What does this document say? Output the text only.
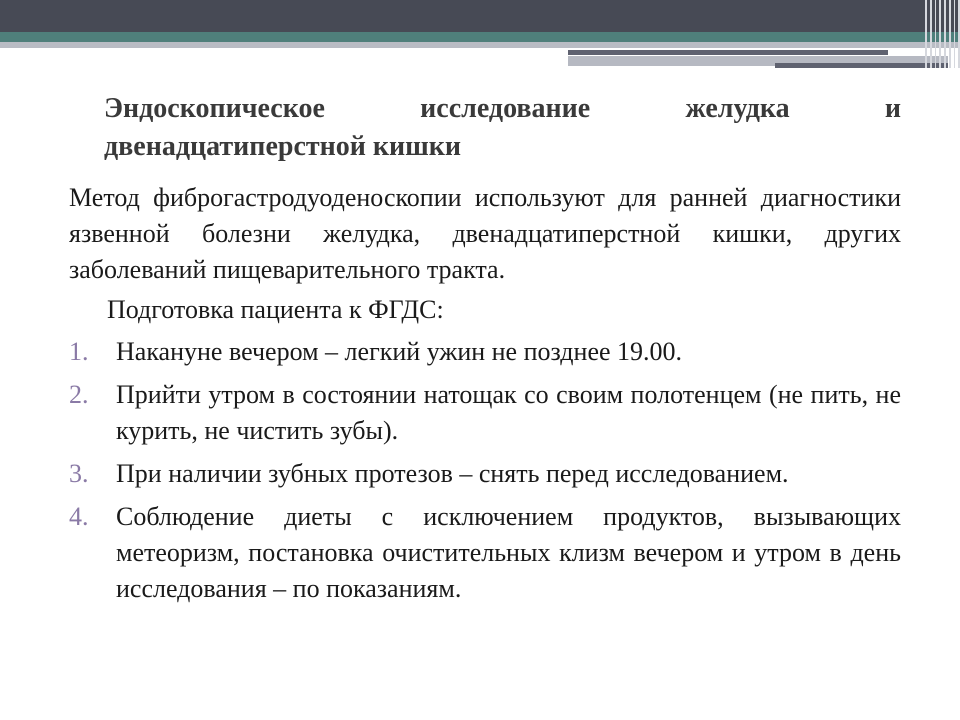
Эндоскопическое исследование желудка и двенадцатиперстной кишки

Метод фиброгастродуоденоскопии используют для ранней диагностики язвенной болезни желудка, двенадцатиперстной кишки, других заболеваний пищеварительного тракта.

Подготовка пациента к ФГДС:

1. Накануне вечером – легкий ужин не позднее 19.00.
2. Прийти утром в состоянии натощак со своим полотенцем (не пить, не курить, не чистить зубы).
3. При наличии зубных протезов – снять перед исследованием.
4. Соблюдение диеты с исключением продуктов, вызывающих метеоризм, постановка очистительных клизм вечером и утром в день исследования – по показаниям.
